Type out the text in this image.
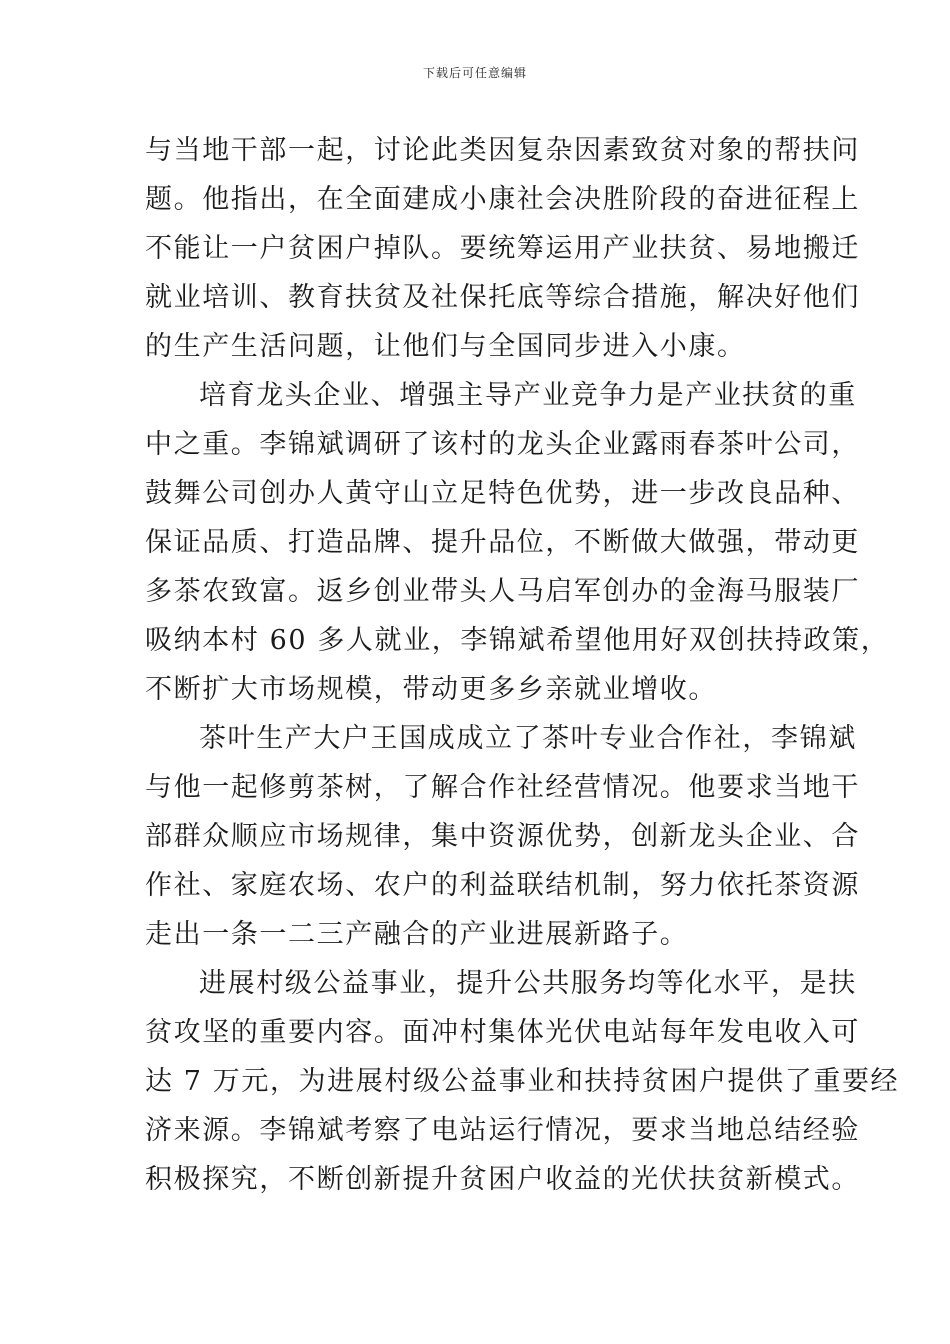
下载后可任意编辑

与当地干部一起，讨论此类因复杂因素致贫对象的帮扶问
题。他指出，在全面建成小康社会决胜阶段的奋进征程上
不能让一户贫困户掉队。要统筹运用产业扶贫、易地搬迁
就业培训、教育扶贫及社保托底等综合措施，解决好他们
的生产生活问题，让他们与全国同步进入小康。

培育龙头企业、增强主导产业竞争力是产业扶贫的重
中之重。李锦斌调研了该村的龙头企业露雨春茶叶公司，
鼓舞公司创办人黄守山立足特色优势，进一步改良品种、
保证品质、打造品牌、提升品位，不断做大做强，带动更
多茶农致富。返乡创业带头人马启军创办的金海马服装厂
吸纳本村 60 多人就业，李锦斌希望他用好双创扶持政策，
不断扩大市场规模，带动更多乡亲就业增收。

茶叶生产大户王国成成立了茶叶专业合作社，李锦斌
与他一起修剪茶树，了解合作社经营情况。他要求当地干
部群众顺应市场规律，集中资源优势，创新龙头企业、合
作社、家庭农场、农户的利益联结机制，努力依托茶资源
走出一条一二三产融合的产业进展新路子。

进展村级公益事业，提升公共服务均等化水平，是扶
贫攻坚的重要内容。面冲村集体光伏电站每年发电收入可
达 7 万元，为进展村级公益事业和扶持贫困户提供了重要经
济来源。李锦斌考察了电站运行情况，要求当地总结经验
积极探究，不断创新提升贫困户收益的光伏扶贫新模式。
